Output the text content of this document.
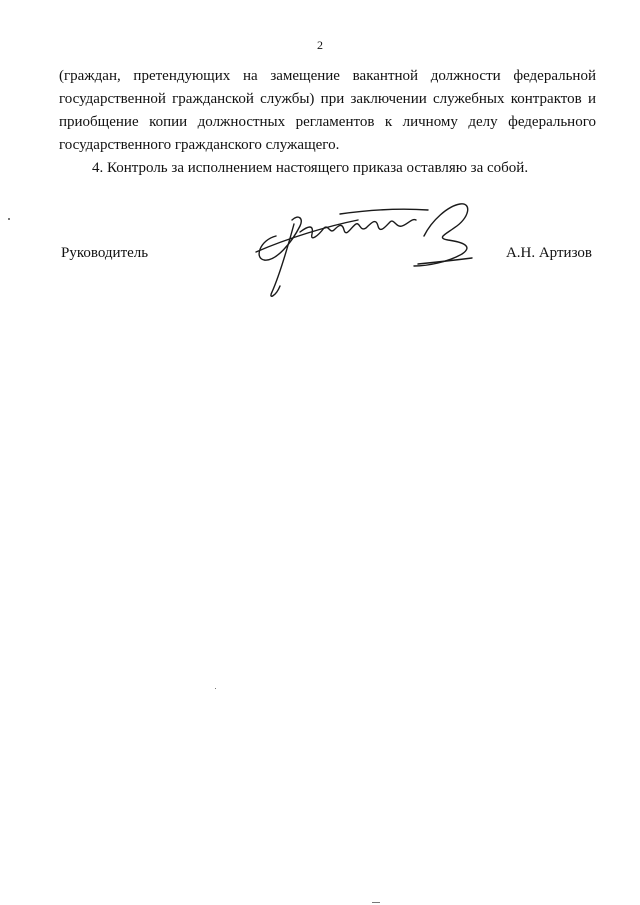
2

(граждан, претендующих на замещение вакантной должности федеральной государственной гражданской службы) при заключении служебных контрактов и приобщение копии должностных регламентов к личному делу федерального государственного гражданского служащего.

4. Контроль за исполнением настоящего приказа оставляю за собой.

Руководитель	А.Н. Артизов
